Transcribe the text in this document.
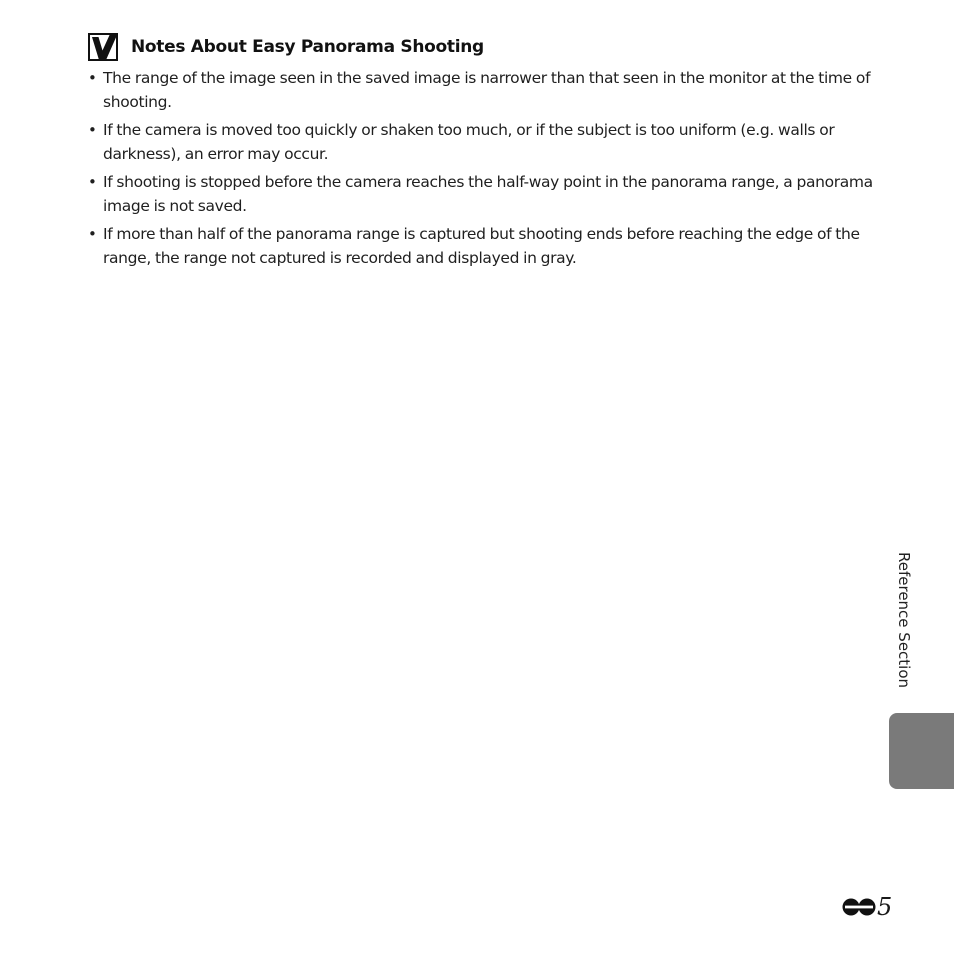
Notes About Easy Panorama Shooting
• The range of the image seen in the saved image is narrower than that seen in the monitor at the time of shooting.
• If the camera is moved too quickly or shaken too much, or if the subject is too uniform (e.g. walls or darkness), an error may occur.
• If shooting is stopped before the camera reaches the half-way point in the panorama range, a panorama image is not saved.
• If more than half of the panorama range is captured but shooting ends before reaching the edge of the range, the range not captured is recorded and displayed in gray.
Reference Section
5
